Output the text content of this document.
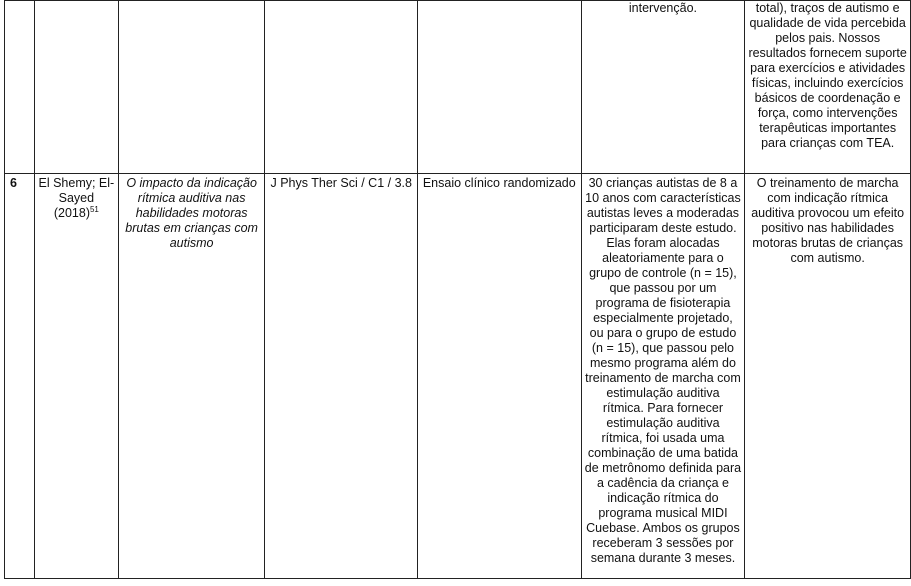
					intervenção.	total), traços de autismo e qualidade de vida percebida pelos pais. Nossos resultados fornecem suporte para exercícios e atividades físicas, incluindo exercícios básicos de coordenação e força, como intervenções terapêuticas importantes para crianças com TEA.
6	El Shemy; El-Sayed $(2018)^{51}$	O impacto da indicação rítmica auditiva nas habilidades motoras brutas em crianças com autismo	J Phys Ther Sci / C1 / 3.8	Ensaio clínico randomizado	30 crianças autistas de 8 a 10 anos com características autistas leves a moderadas participaram deste estudo. Elas foram alocadas aleatoriamente para o grupo de controle (n = 15), que passou por um programa de fisioterapia especialmente projetado, ou para o grupo de estudo (n = 15), que passou pelo mesmo programa além do treinamento de marcha com estimulação auditiva rítmica. Para fornecer estimulação auditiva rítmica, foi usada uma combinação de uma batida de metrônomo definida para a cadência da criança e indicação rítmica do programa musical MIDI Cuebase. Ambos os grupos receberam 3 sessões por semana durante 3 meses.	O treinamento de marcha com indicação rítmica auditiva provocou um efeito positivo nas habilidades motoras brutas de crianças com autismo.
